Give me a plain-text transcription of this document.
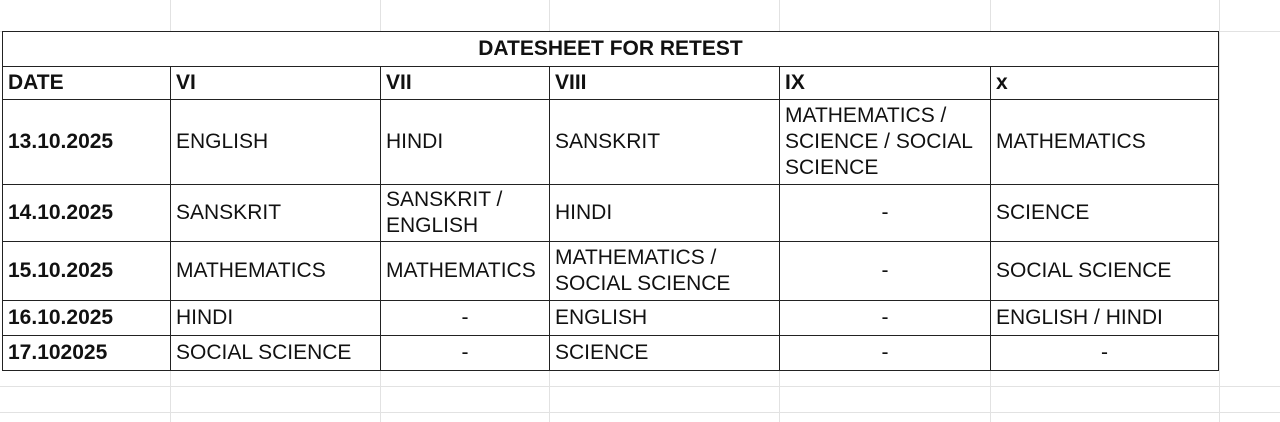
DATESHEET FOR RETEST					
DATE	VI	VII	VIII	IX	x
13.10.2025	ENGLISH	HINDI	SANSKRIT	MATHEMATICS / SCIENCE / SOCIAL SCIENCE	MATHEMATICS
14.10.2025	SANSKRIT	SANSKRIT / ENGLISH	HINDI	-	SCIENCE
15.10.2025	MATHEMATICS	MATHEMATICS	MATHEMATICS / SOCIAL SCIENCE	-	SOCIAL SCIENCE
16.10.2025	HINDI	-	ENGLISH	-	ENGLISH / HINDI
17.102025	SOCIAL SCIENCE	-	SCIENCE	-	-
